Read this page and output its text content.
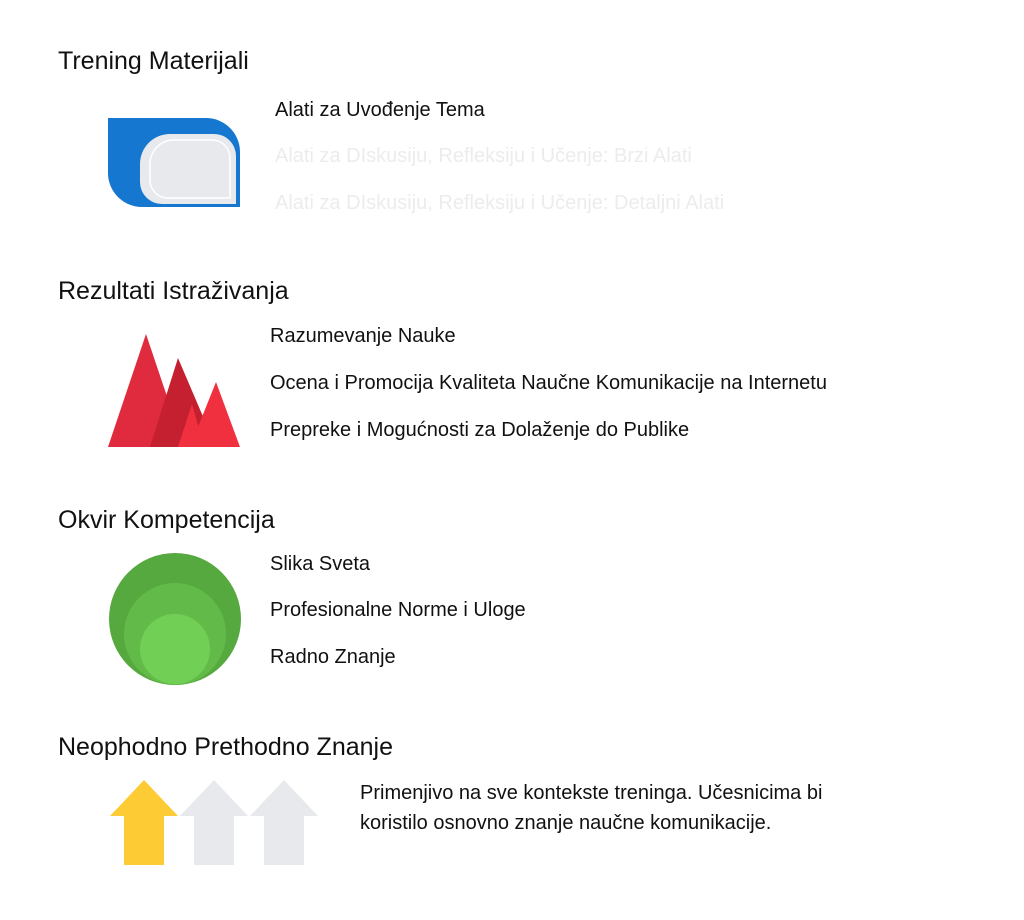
Trening Materijali
Alati za Uvođenje Tema
Alati za DIskusiju, Refleksiju i Učenje: Brzi Alati
Alati za DIskusiju, Refleksiju i Učenje: Detaljni Alati
Rezultati Istraživanja
Razumevanje Nauke
Ocena i Promocija Kvaliteta Naučne Komunikacije na Internetu
Prepreke i Mogućnosti za Dolaženje do Publike
Okvir Kompetencija
Slika Sveta
Profesionalne Norme i Uloge
Radno Znanje
Neophodno Prethodno Znanje
Primenjivo na sve kontekste treninga. Učesnicima bi
koristilo osnovno znanje naučne komunikacije.
